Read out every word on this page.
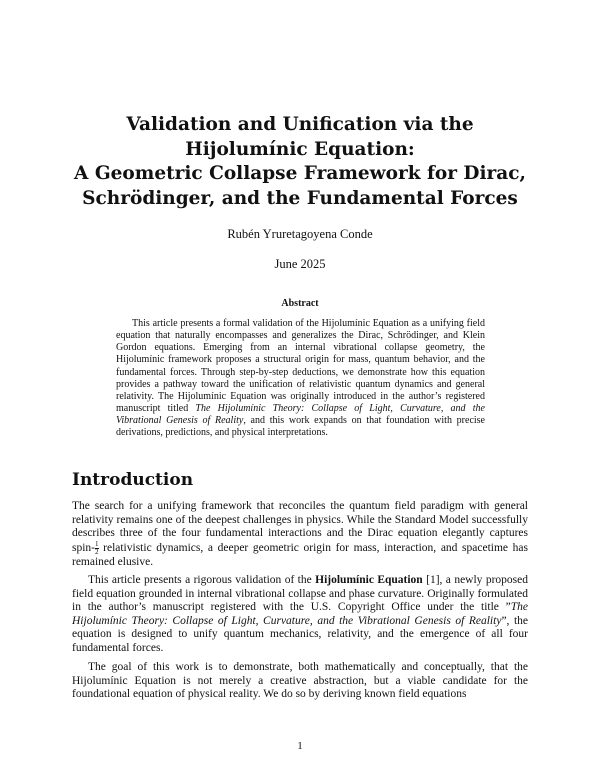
Validation and Unification via the
Hijolumínic Equation:
A Geometric Collapse Framework for Dirac,
Schrödinger, and the Fundamental Forces
Rubén Yruretagoyena Conde
June 2025
Abstract
This article presents a formal validation of the Hijolumínic Equation as a unifying field equation that naturally encompasses and generalizes the Dirac, Schrödinger, and Klein Gordon equations. Emerging from an internal vibrational collapse geometry, the Hijolumínic framework proposes a structural origin for mass, quantum behavior, and the fundamental forces. Through step-by-step deductions, we demonstrate how this equation provides a pathway toward the unification of relativistic quantum dynamics and general relativity. The Hijolumínic Equation was originally introduced in the author’s registered manuscript titled The Hijolumínic Theory: Collapse of Light, Curvature, and the Vibrational Genesis of Reality, and this work expands on that foundation with precise derivations, predictions, and physical interpretations.
Introduction
The search for a unifying framework that reconciles the quantum field paradigm with general relativity remains one of the deepest challenges in physics. While the Standard Model successfully describes three of the four fundamental interactions and the Dirac equation elegantly captures spin- $\frac{1}{2}$ relativistic dynamics, a deeper geometric origin for mass, interaction, and spacetime has remained elusive.
This article presents a rigorous validation of the Hijolumínic Equation [1], a newly proposed field equation grounded in internal vibrational collapse and phase curvature. Originally formulated in the author’s manuscript registered with the U.S. Copyright Office under the title ”The Hijolumínic Theory: Collapse of Light, Curvature, and the Vibrational Genesis of Reality”, the equation is designed to unify quantum mechanics, relativity, and the emergence of all four fundamental forces.
The goal of this work is to demonstrate, both mathematically and conceptually, that the Hijolumínic Equation is not merely a creative abstraction, but a viable candidate for the foundational equation of physical reality. We do so by deriving known field equations
1
